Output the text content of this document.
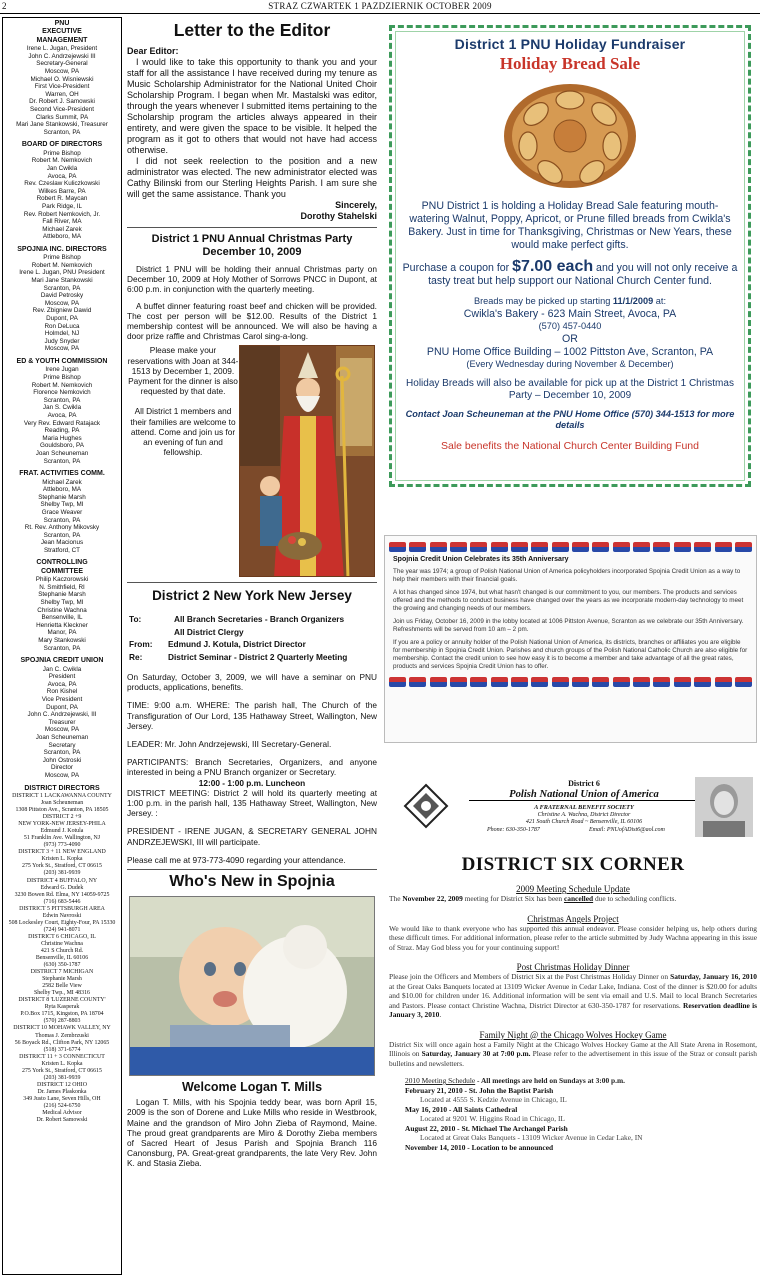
2	STRAZ CZWARTEK 1 PAZDZIERNIK OCTOBER 2009
PNU
EXECUTIVE
MANAGEMENT
Irene L. Jugan, President
John C. Andrzejewski III
Secretary-General
Moscow, PA
Michael O. Wisniewski
First Vice-President
Warren, OH
Dr. Robert J. Samowski
Second Vice-President
Clarks Summit, PA
Mari Jane Stankowski, Treasurer
Scranton, PA
BOARD OF DIRECTORS
Prime Bishop
Robert M. Nemkovich
Jan Cwikla
Avoca, PA
Rev. Czeslaw Kuliczkowski
Wilkes Barre, PA
Robert R. Maycan
Park Ridge, IL
Rev. Robert Nemkovich, Jr.
Fall River, MA
Michael Zarek
Attleboro, MA
SPOJNIA INC. DIRECTORS
Prime Bishop
Robert M. Nemkovich
Irene L. Jugan, PNU President
Mari Jane Stankowski
Scranton, PA
David Petrosky
Moscow, PA
Rev. Zbigniew Dawid
Dupont, PA
Ron DeLuca
Holmdel, NJ
Judy Snyder
Moscow, PA
ED & YOUTH COMMISSION
Irene Jugan
Prime Bishop
Robert M. Nemkovich
Florence Nemkovich
Scranton, PA
Jan S. Cwikla
Avoca, PA
Very Rev. Edward Ratajack
Reading, PA
Maria Hughes
Gouldsboro, PA
Joan Scheuneman
Scranton, PA
FRAT. ACTIVITIES COMM.
Michael Zarek
Attleboro, MA
Stephanie Marsh
Shelby Twp, MI
Grace Weaver
Scranton, PA
Rt. Rev. Anthony Mikovsky
Scranton, PA
Jean Macionus
Stratford, CT
CONTROLLING
COMMITTEE
Philip Kaczorowski
N. Smithfield, RI
Stephanie Marsh
Shelby Twp, MI
Christine Wachna
Bensenville, IL
Henrietta Kleckner
Manor, PA
Mary Stankowski
Scranton, PA
SPOJNIA CREDIT UNION
Jan C. Cwikla
President
Avoca, PA
Ron Kishel
Vice President
Dupont, PA
John C. Andrzejewski, III
Treasurer
Moscow, PA
Joan Scheuneman
Secretary
Scranton, PA
John Ostroski
Director
Moscow, PA
DISTRICT DIRECTORS
DISTRICT 1 LACKAWANNA COUNTY
Joan Scheuneman
1308 Pittston Ave., Scranton, PA 18505
DISTRICT 2 +9
NEW YORK-NEW JERSEY-PHILA
Edmund J. Kotula
51 Franklin Ave. Wallington, NJ
(973) 773-4090
DISTRICT 3 + 11 NEW ENGLAND
Kristen L. Kopka
275 York St., Stratford, CT 06615
(203) 381-9939
DISTRICT 4 BUFFALO, NY
Edward G. Dudek
3230 Bowen Rd. Elma, NY 14059-9725
(716) 683-5446
DISTRICT 5 PITTSBURGH AREA
Edwin Navroski
508 Lockesley Court, Eighty-Four, PA 15330
(724) 941-8071
DISTRICT 6 CHICAGO, IL
Christine Wachna
421 S Church Rd.
Bensenville, IL 60106
(630) 350-1787
DISTRICT 7 MICHIGAN
Stephanie Marsh
2582 Belle View
Shelby Twp., MI 48316
DISTRICT 8 'LUZERNE COUNTY'
Ryta Kasperak
P.O.Box 1715, Kingston, PA 18704
(570) 287-8803
DISTRICT 10 MOHAWK VALLEY, NY
Thomas J. Zembrzuski
56 Boyack Rd., Clifton Park, NY 12065
(518) 371-6774
DISTRICT 11 + 3 CONNECTICUT
Kristen L. Kopka
275 York St., Stratford, CT 06615
(203) 381-9939
DISTRICT 12 OHIO
Dr. James Plaskonka
349 Justo Lane, Seven Hills, OH
(216) 524-6750
Medical Advisor
Dr. Robert Samowski
Letter to the Editor

Dear Editor:

I would like to take this opportunity to thank you and your staff for all the assistance I have received during my tenure as Music Scholarship Administrator for the National United Choir Scholarship Program. I began when Mr. Mastalski was editor, through the years whenever I submitted items pertaining to the Scholarship program the articles always appeared in their entirety, and were given the space to be visible. It helped the program as it got to others that would not have had access otherwise.

I did not seek reelection to the position and a new administrator was elected. The new administrator elected was Cathy Bilinski from our Sterling Heights Parish. I am sure she will get the same assistance. Thank you

Sincerely,
Dorothy Stahelski
District 1 PNU Annual Christmas Party
December 10, 2009

District 1 PNU will be holding their annual Christmas party on December 10, 2009 at Holy Mother of Sorrows PNCC in Dupont, at 6:00 p.m. in conjunction with the quarterly meeting.

A buffet dinner featuring roast beef and chicken will be provided. The cost per person will be $12.00. Results of the District 1 membership contest will be announced. We will also be having a door prize raffle and Christmas Carol sing-a-long.

Please make your reservations with Joan at 344-1513 by December 1, 2009. Payment for the dinner is also requested by that date.
All District 1 members and their families are welcome to attend. Come and join us for an evening of fun and fellowship.
District 2 New York New Jersey
To:	All Branch Secretaries - Branch Organizers
	All District Clergy
From:	Edmund J. Kotula, District Director
Re:	District Seminar - District 2 Quarterly Meeting

On Saturday, October 3, 2009, we will have a seminar on PNU products, applications, benefits.

TIME: 9:00 a.m. WHERE: The parish hall, The Church of the Transfiguration of Our Lord, 135 Hathaway Street, Wallington, New Jersey.

LEADER: Mr. John Andrzejewski, III Secretary-General.

PARTICIPANTS: Branch Secretaries, Organizers, and anyone interested in being a PNU Branch organizer or Secretary.

12:00 - 1:00 p.m. Luncheon

DISTRICT MEETING: District 2 will hold its quarterly meeting at 1:00 p.m. in the parish hall, 135 Hathaway Street, Wallington, New Jersey. :

PRESIDENT - IRENE JUGAN, & SECRETARY GENERAL JOHN ANDRZEJEWSKI, III will participate.

Please call me at 973-773-4090 regarding your attendance.

Who's New in Spojnia
Welcome Logan T. Mills
Logan T. Mills, with his Spojnia teddy bear, was born April 15, 2009 is the son of Dorene and Luke Mills who reside in Westbrook, Maine and the grandson of Miro John Zieba of Raymond, Maine. The proud great grandparents are Miro & Dorothy Zieba members of Sacred Heart of Jesus Parish and Spojnia Branch 116 Canonsburg, PA. Great-great grandparents, the late Very Rev. John K. and Stasia Zieba.
District 1 PNU Holiday Fundraiser
Holiday Bread Sale
PNU District 1 is holding a Holiday Bread Sale featuring mouth-watering Walnut, Poppy, Apricot, or Prune filled breads from Cwikla's Bakery. Just in time for Thanksgiving, Christmas or New Years, these would make perfect gifts.
Purchase a coupon for $7.00 each and you will not only receive a tasty treat but help support our National Church Center fund.
Breads may be picked up starting 11/1/2009 at:
Cwikla's Bakery - 623 Main Street, Avoca, PA
(570) 457-0440
OR
PNU Home Office Building – 1002 Pittston Ave, Scranton, PA
(Every Wednesday during November & December)
Holiday Breads will also be available for pick up at the District 1 Christmas Party – December 10, 2009
Contact Joan Scheuneman at the PNU Home Office (570) 344-1513 for more details
Sale benefits the National Church Center Building Fund
Spojnia Credit Union Celebrates its 35th Anniversary

The year was 1974; a group of Polish National Union of America policyholders incorporated Spojnia Credit Union as a way to help their members with their financial goals.

A lot has changed since 1974, but what hasn't changed is our commitment to you, our members. The products and services offered and the methods to conduct business have changed over the years as we incorporate modern-day technology to meet the growing and changing needs of our members.

Join us Friday, October 16, 2009 in the lobby located at 1006 Pittston Avenue, Scranton as we celebrate our 35th Anniversary. Refreshments will be served from 10 am – 2 pm.

If you are a policy or annuity holder of the Polish National Union of America, its districts, branches or affiliates you are eligible for membership in Spojnia Credit Union. Parishes and church groups of the Polish National Catholic Church are also eligible for membership. Contact the credit union to see how easy it is to become a member and take advantage of all the great rates, products and services Spojnia Credit Union has to offer.

District 6
Polish National Union of America
A FRATERNAL BENEFIT SOCIETY
Christine A. Wachna, District Director
421 South Church Road ~ Bensenville, IL 60106
Phone: 630-350-1787	Email: PNUofADist6@aol.com
DISTRICT SIX CORNER
2009 Meeting Schedule Update
The November 22, 2009 meeting for District Six has been cancelled due to scheduling conflicts.
Christmas Angels Project
We would like to thank everyone who has supported this annual endeavor. Please consider helping us, help others during these difficult times. For additional information, please refer to the article submitted by Judy Wachna appearing in this issue of Straz. May God bless you for your continuing support!
Post Christmas Holiday Dinner
Please join the Officers and Members of District Six at the Post Christmas Holiday Dinner on Saturday, January 16, 2010 at the Great Oaks Banquets located at 13109 Wicker Avenue in Cedar Lake, Indiana. Cost of the dinner is $20.00 for adults and $10.00 for children under 16. Additional information will be sent via email and U.S. Mail to local Branch Secretaries and Pastors. Please contact Christine Wachna, District Director at 630-350-1787 for reservations. Reservation deadline is January 3, 2010.
Family Night @ the Chicago Wolves Hockey Game
District Six will once again host a Family Night at the Chicago Wolves Hockey Game at the All State Arena in Rosemont, Illinois on Saturday, January 30 at 7:00 p.m. Please refer to the advertisement in this issue of the Straz or consult parish bulletins and newsletters.
2010 Meeting Schedule - All meetings are held on Sundays at 3:00 p.m.
February 21, 2010 - St. John the Baptist Parish
Located at 4555 S. Kedzie Avenue in Chicago, IL
May 16, 2010 - All Saints Cathedral
Located at 9201 W. Higgins Road in Chicago, IL
August 22, 2010 - St. Michael The Archangel Parish
Located at Great Oaks Banquets - 13109 Wicker Avenue in Cedar Lake, IN
November 14, 2010 - Location to be announced
